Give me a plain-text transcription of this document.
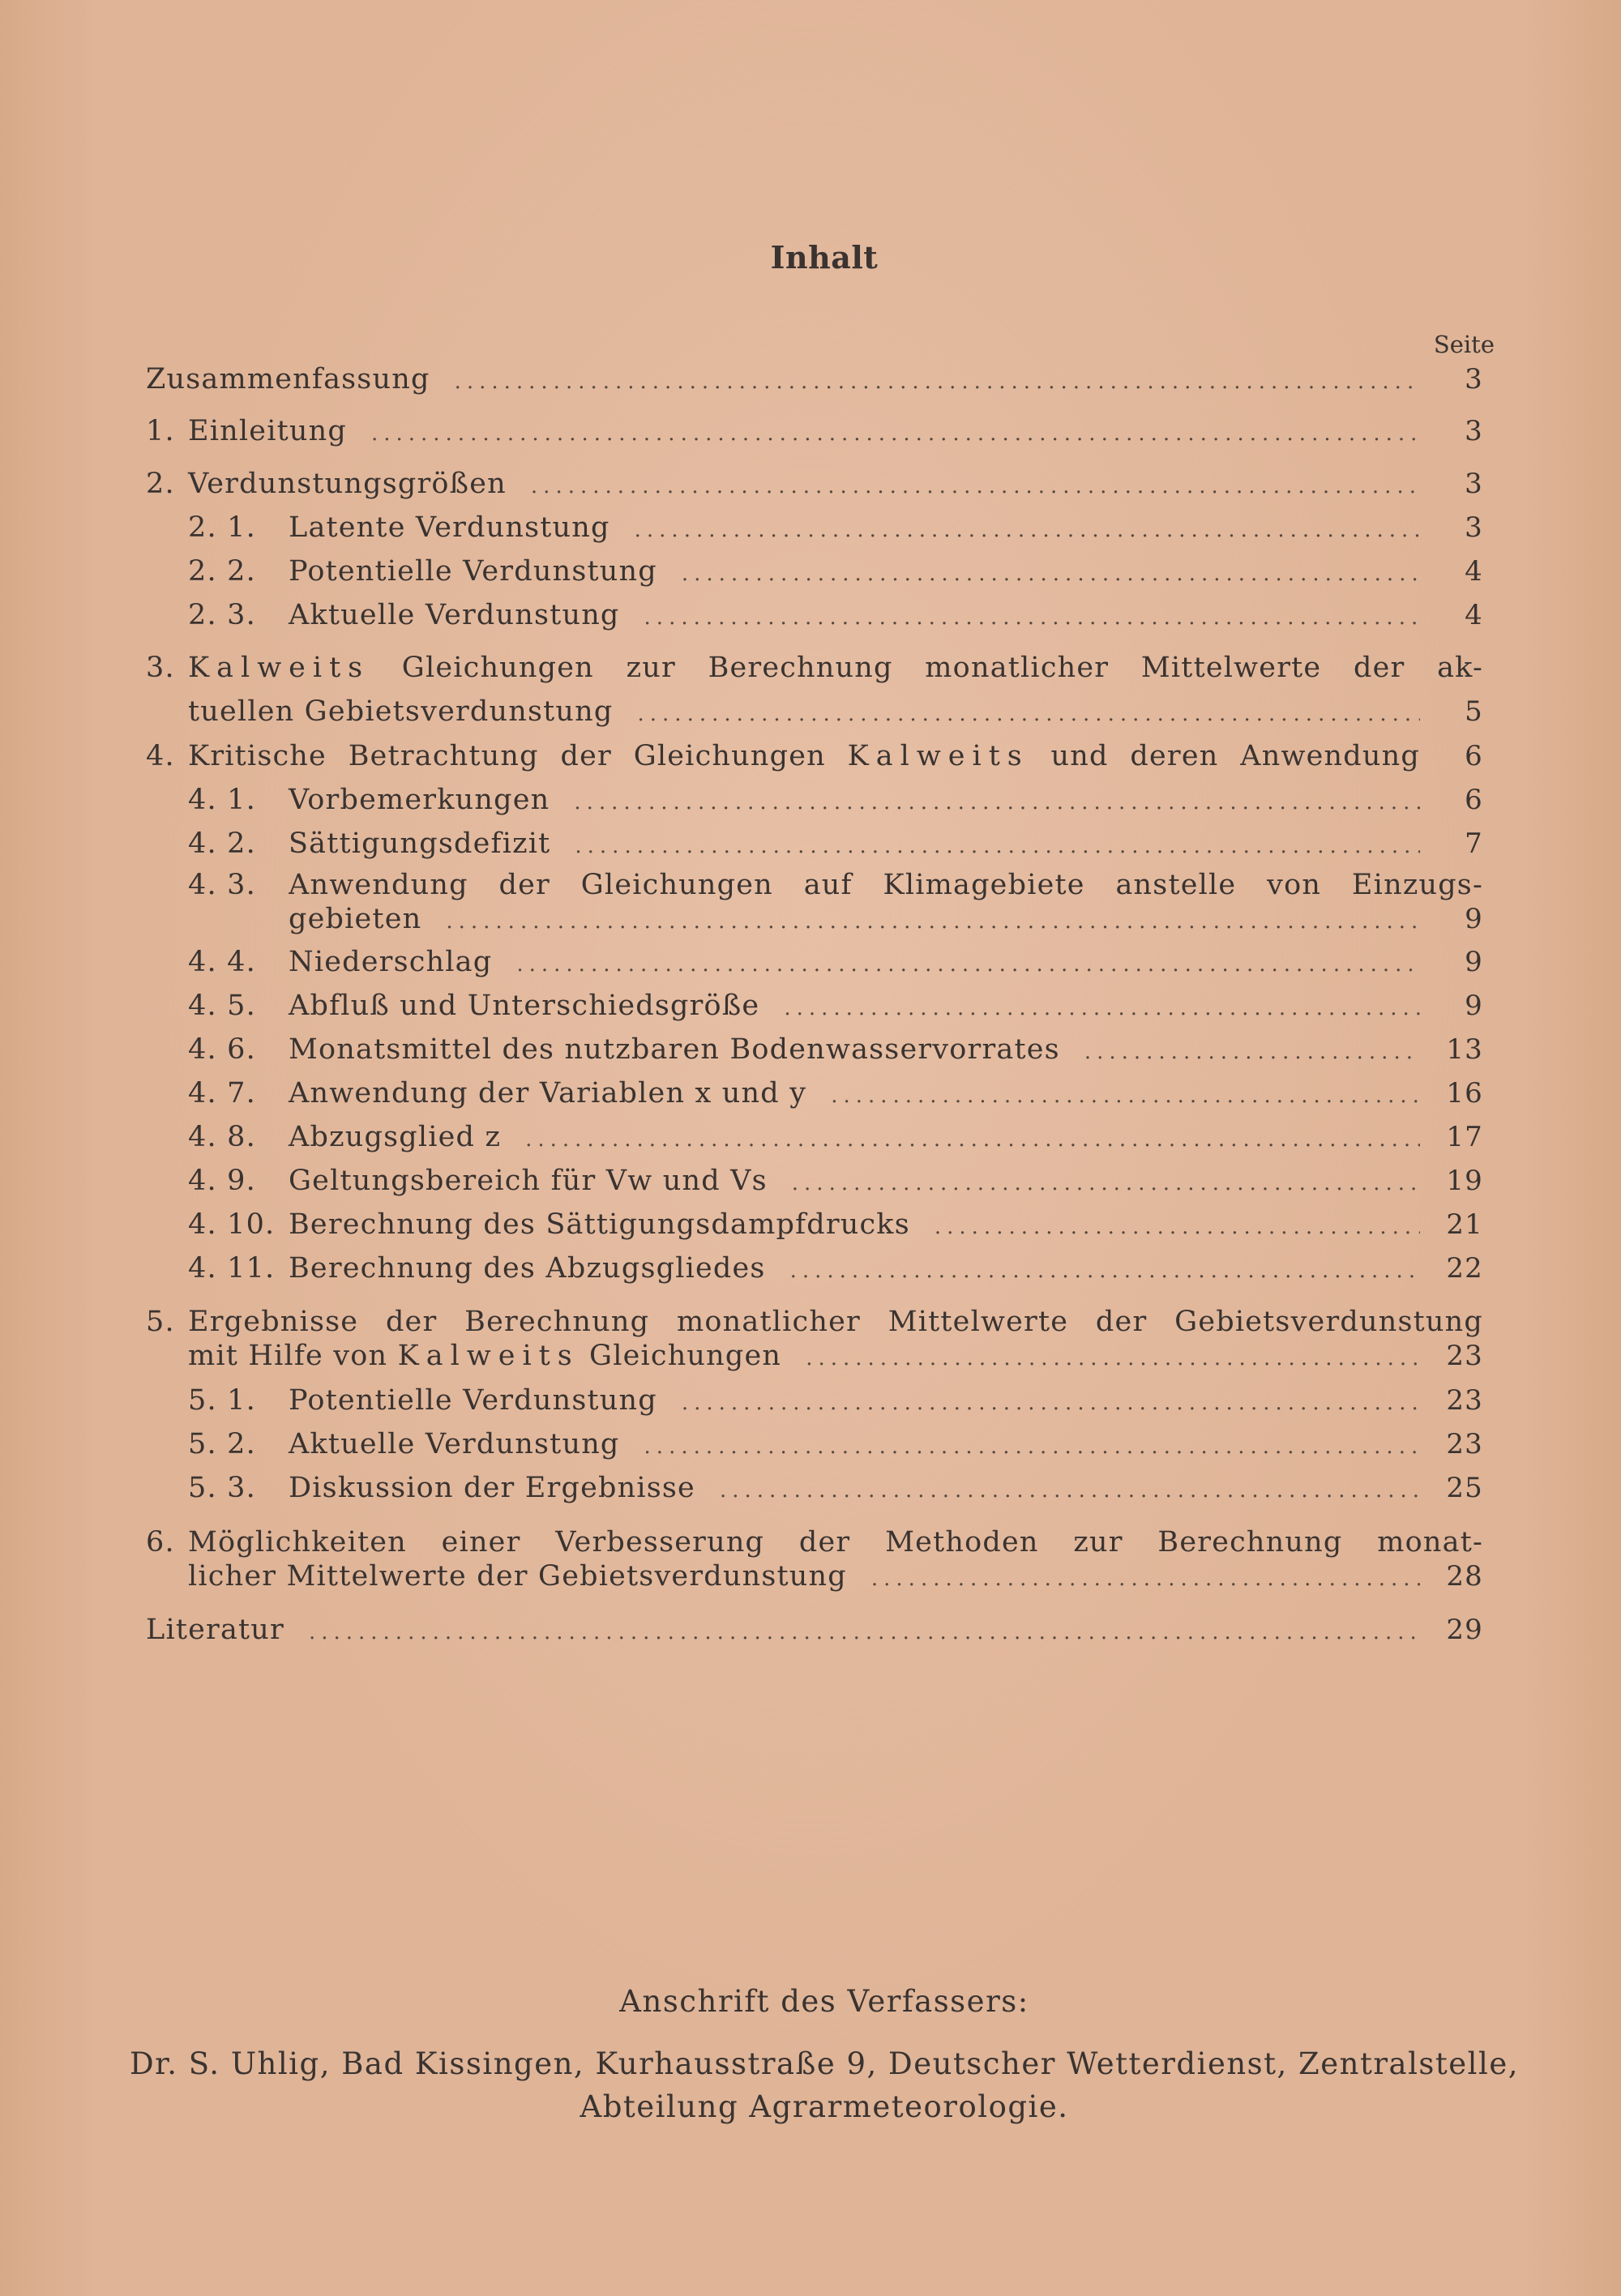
Inhalt
Seite
Zusammenfassung .....	3
1. Einleitung .....	3
2. Verdunstungsgrößen .....	3
2. 1.	Latente Verdunstung .....	3
2. 2.	Potentielle Verdunstung .....	4
2. 3.	Aktuelle Verdunstung .....	4
3. Kalweits Gleichungen zur Berechnung monatlicher Mittelwerte der ak-
tuellen Gebietsverdunstung .....	5
4. Kritische Betrachtung der Gleichungen Kalweits und deren Anwendung	6
4. 1.	Vorbemerkungen .....	6
4. 2.	Sättigungsdefizit .....	7
4. 3.	Anwendung der Gleichungen auf Klimagebiete anstelle von Einzugs-
gebieten .....	9
4. 4.	Niederschlag .....	9
4. 5.	Abfluß und Unterschiedsgröße .....	9
4. 6.	Monatsmittel des nutzbaren Bodenwasservorrates .....	13
4. 7.	Anwendung der Variablen x und y .....	16
4. 8.	Abzugsglied z .....	17
4. 9.	Geltungsbereich für Vw und Vs .....	19
4. 10. Berechnung des Sättigungsdampfdrucks .....	21
4. 11. Berechnung des Abzugsgliedes .....	22
5. Ergebnisse der Berechnung monatlicher Mittelwerte der Gebietsverdunstung
mit Hilfe von Kalweits Gleichungen .....	23
5. 1.	Potentielle Verdunstung .....	23
5. 2.	Aktuelle Verdunstung .....	23
5. 3.	Diskussion der Ergebnisse .....	25
6. Möglichkeiten einer Verbesserung der Methoden zur Berechnung monat-
licher Mittelwerte der Gebietsverdunstung .....	28
Literatur .....	29
Anschrift des Verfassers:
Dr. S. Uhlig, Bad Kissingen, Kurhausstraße 9, Deutscher Wetterdienst, Zentralstelle,
Abteilung Agrarmeteorologie.
